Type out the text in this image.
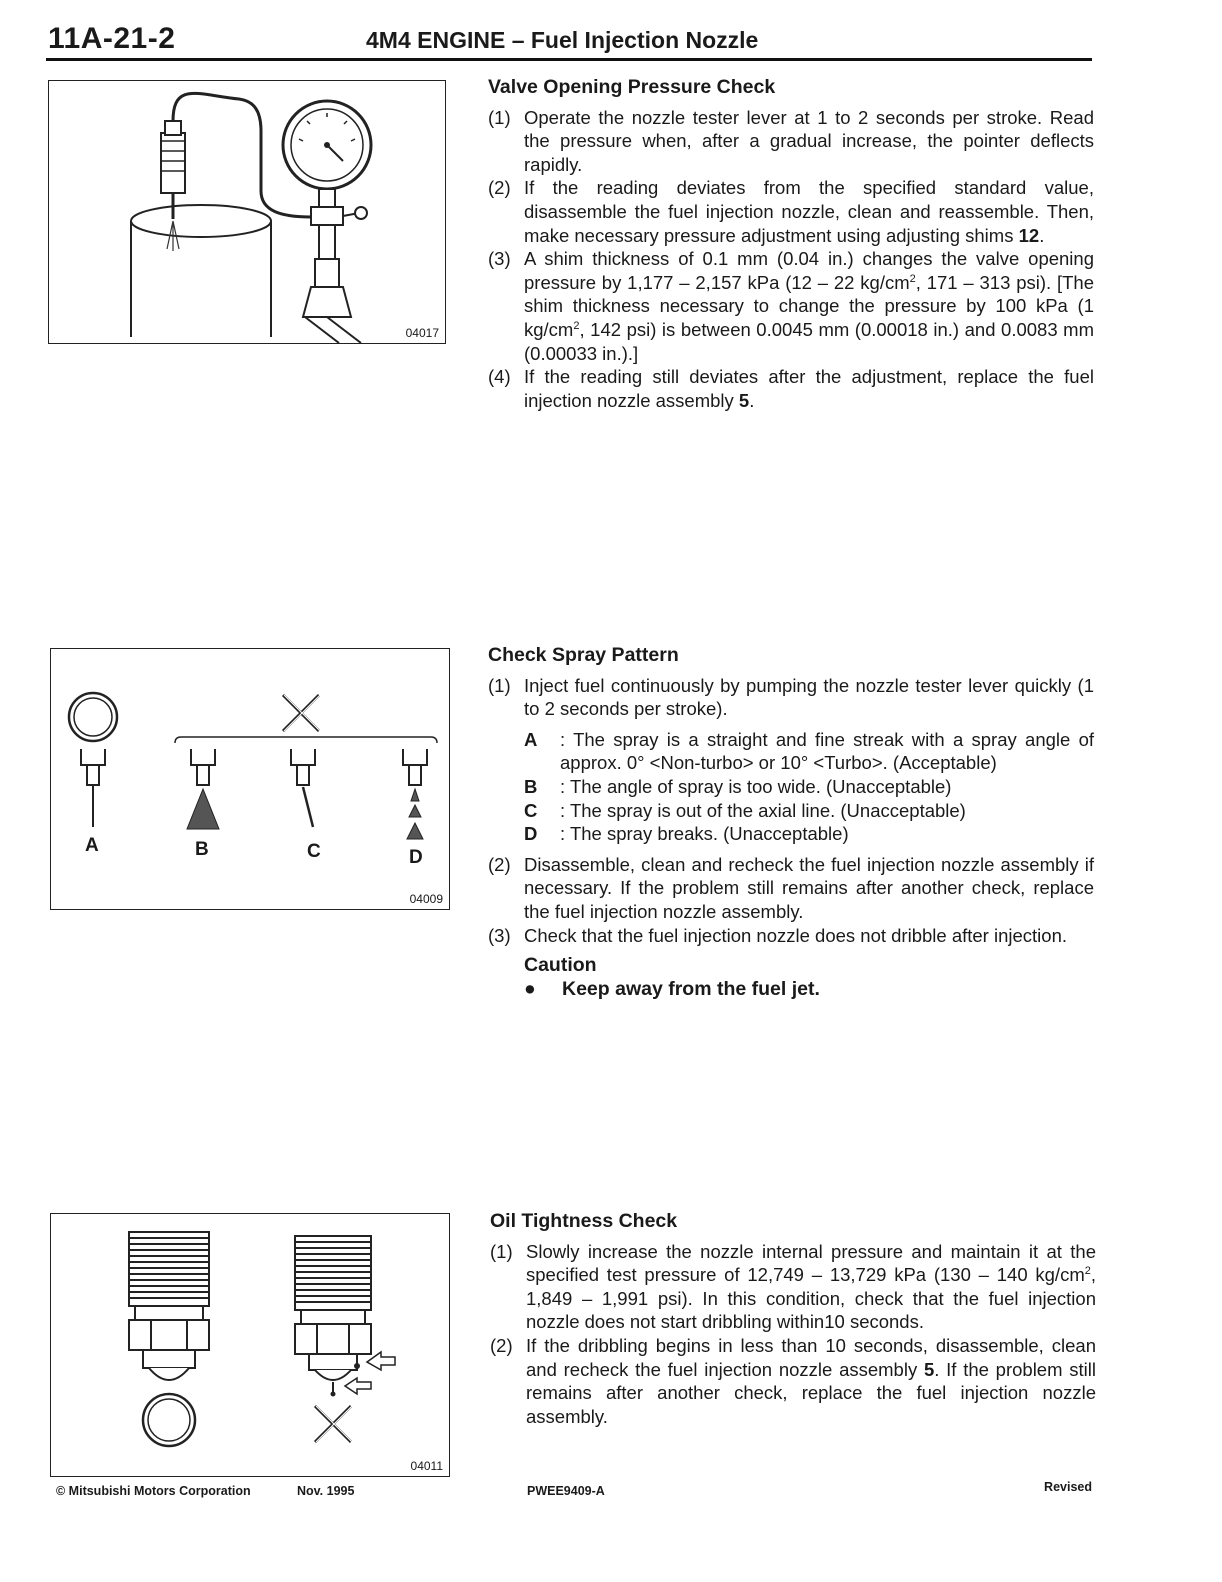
11A-21-2	4M4 ENGINE – Fuel Injection Nozzle
04017
A	B	C	D
04009
04011
Valve Opening Pressure Check
(1) Operate the nozzle tester lever at 1 to 2 seconds per stroke. Read the pressure when, after a gradual increase, the pointer deflects rapidly.
(2) If the reading deviates from the specified standard value, disassemble the fuel injection nozzle, clean and reassemble. Then, make necessary pressure adjustment using adjusting shims 12.
(3) A shim thickness of 0.1 mm (0.04 in.) changes the valve opening pressure by 1,177 – 2,157 kPa (12 – 22 $kg/cm^2$, 171 – 313 psi). [The shim thickness necessary to change the pressure by 100 kPa (1 $kg/cm^2$, 142 psi) is between 0.0045 mm (0.00018 in.) and 0.0083 mm (0.00033 in.).]
(4) If the reading still deviates after the adjustment, replace the fuel injection nozzle assembly 5.
Check Spray Pattern
(1) Inject fuel continuously by pumping the nozzle tester lever quickly (1 to 2 seconds per stroke).
A : The spray is a straight and fine streak with a spray angle of approx. 0° <Non-turbo> or 10° <Turbo>. (Acceptable)
B : The angle of spray is too wide. (Unacceptable)
C : The spray is out of the axial line. (Unacceptable)
D : The spray breaks. (Unacceptable)
(2) Disassemble, clean and recheck the fuel injection nozzle assembly if necessary. If the problem still remains after another check, replace the fuel injection nozzle assembly.
(3) Check that the fuel injection nozzle does not dribble after injection.
Caution
● Keep away from the fuel jet.
Oil Tightness Check
(1) Slowly increase the nozzle internal pressure and maintain it at the specified test pressure of 12,749 – 13,729 kPa (130 – 140 $kg/cm^2$, 1,849 – 1,991 psi). In this condition, check that the fuel injection nozzle does not start dribbling within10 seconds.
(2) If the dribbling begins in less than 10 seconds, disassemble, clean and recheck the fuel injection nozzle assembly 5. If the problem still remains after another check, replace the fuel injection nozzle assembly.
© Mitsubishi Motors Corporation	Nov. 1995	PWEE9409-A	Revised
